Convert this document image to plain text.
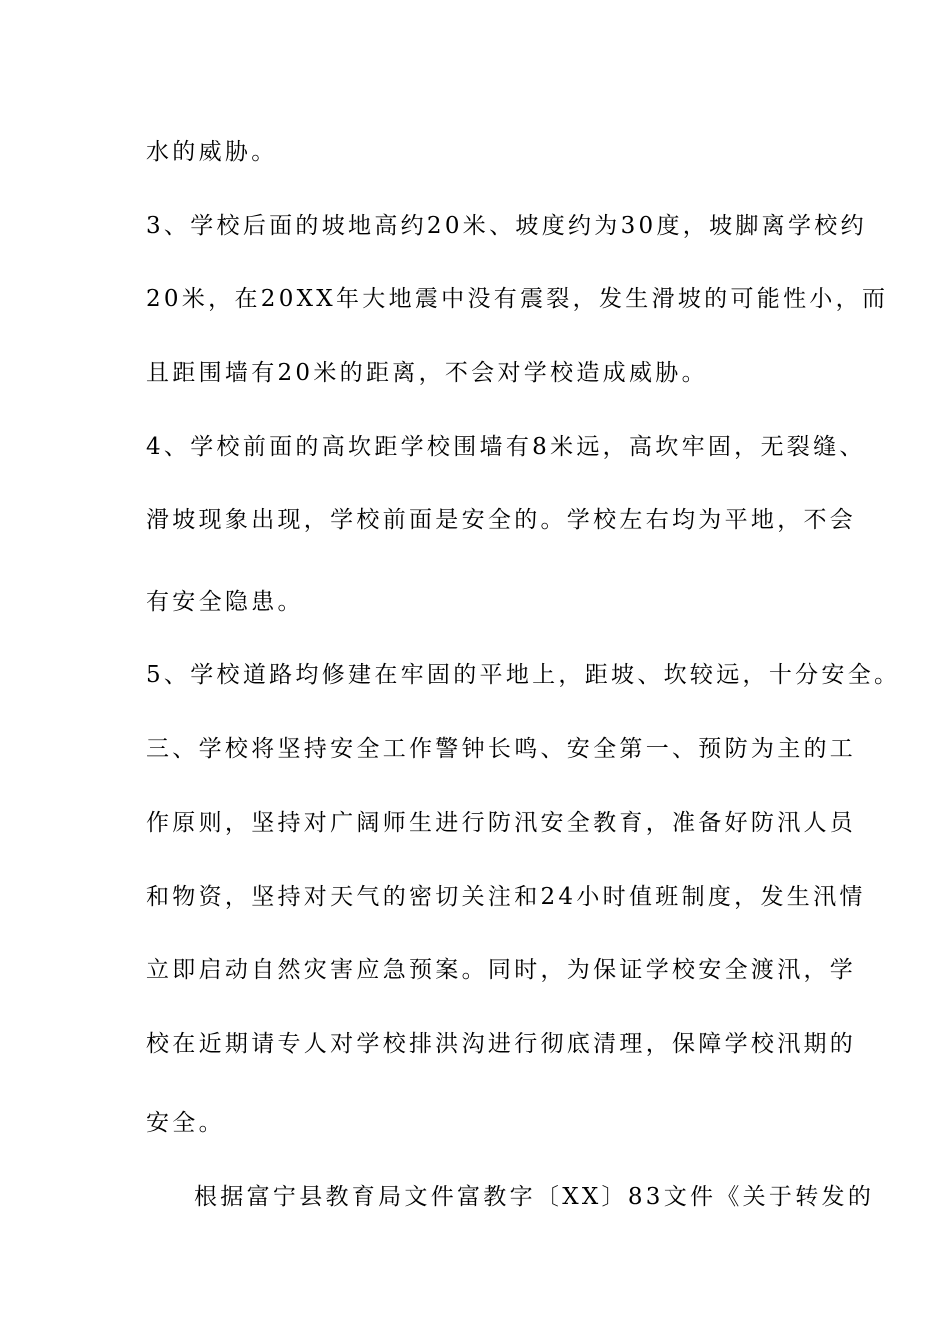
水的威胁。
3、学校后面的坡地高约20米、坡度约为30度，坡脚离学校约
20米，在20XX年大地震中没有震裂，发生滑坡的可能性小，而
且距围墙有20米的距离，不会对学校造成威胁。
4、学校前面的高坎距学校围墙有8米远，高坎牢固，无裂缝、
滑坡现象出现，学校前面是安全的。学校左右均为平地，不会
有安全隐患。
5、学校道路均修建在牢固的平地上，距坡、坎较远，十分安全。
三、学校将坚持安全工作警钟长鸣、安全第一、预防为主的工
作原则，坚持对广阔师生进行防汛安全教育，准备好防汛人员
和物资，坚持对天气的密切关注和24小时值班制度，发生汛情
立即启动自然灾害应急预案。同时，为保证学校安全渡汛，学
校在近期请专人对学校排洪沟进行彻底清理，保障学校汛期的
安全。
根据富宁县教育局文件富教字〔XX〕83文件《关于转发的
